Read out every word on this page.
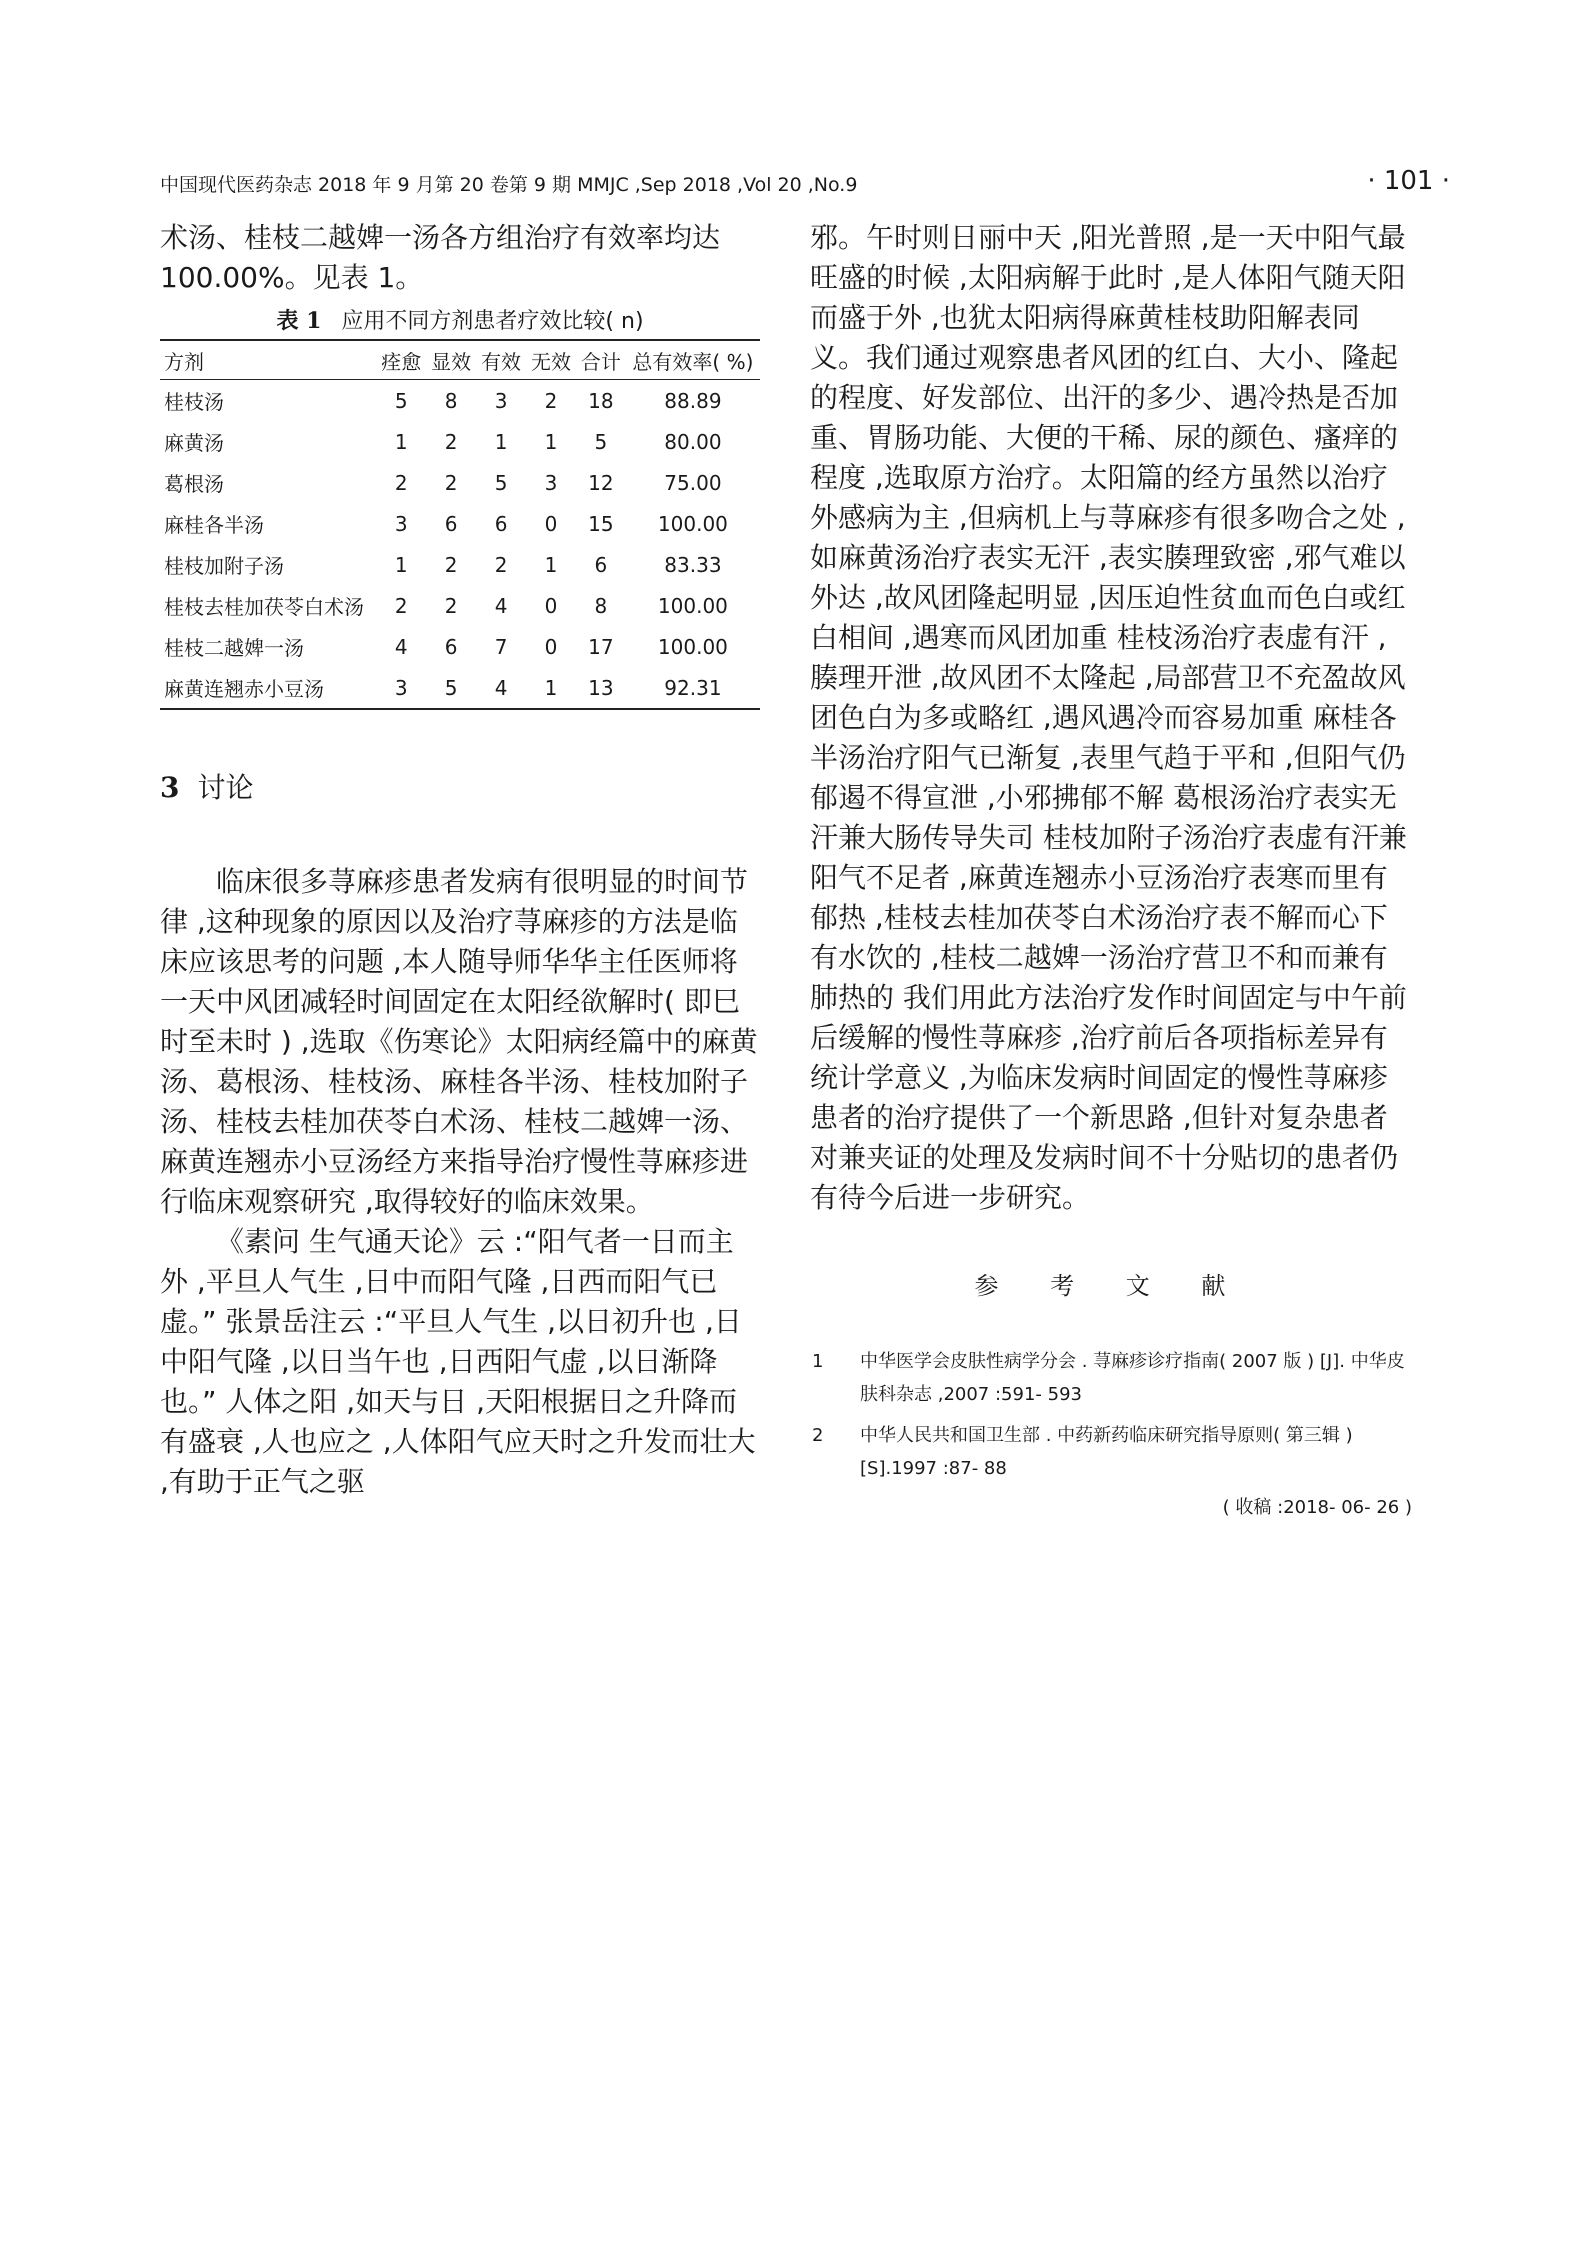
中国现代医药杂志 2018 年 9 月第 20 卷第 9 期 MMJC ,Sep 2018 ,Vol 20 ,No.9	· 101 ·

术汤、桂枝二越婢一汤各方组治疗有效率均达 100.00%。见表 1。

表 1 应用不同方剂患者疗效比较( n)
方剂	痊愈	显效	有效	无效	合计	总有效率( %)
桂枝汤	5	8	3	2	18	88.89
麻黄汤	1	2	1	1	5	80.00
葛根汤	2	2	5	3	12	75.00
麻桂各半汤	3	6	6	0	15	100.00
桂枝加附子汤	1	2	2	1	6	83.33
桂枝去桂加茯苓白术汤	2	2	4	0	8	100.00
桂枝二越婢一汤	4	6	7	0	17	100.00
麻黄连翘赤小豆汤	3	5	4	1	13	92.31
3 讨论

临床很多荨麻疹患者发病有很明显的时间节律 ,这种现象的原因以及治疗荨麻疹的方法是临床应该思考的问题 ,本人随导师华华主任医师将一天中风团减轻时间固定在太阳经欲解时( 即巳时至未时 ) ,选取《伤寒论》太阳病经篇中的麻黄汤、葛根汤、桂枝汤、麻桂各半汤、桂枝加附子汤、桂枝去桂加茯苓白术汤、桂枝二越婢一汤、麻黄连翘赤小豆汤经方来指导治疗慢性荨麻疹进行临床观察研究 ,取得较好的临床效果。

《素问 生气通天论》云 :“阳气者一日而主外 ,平旦人气生 ,日中而阳气隆 ,日西而阳气已虚。” 张景岳注云 :“平旦人气生 ,以日初升也 ,日中阳气隆 ,以日当午也 ,日西阳气虚 ,以日渐降也。” 人体之阳 ,如天与日 ,天阳根据日之升降而有盛衰 ,人也应之 ,人体阳气应天时之升发而壮大 ,有助于正气之驱

邪。午时则日丽中天 ,阳光普照 ,是一天中阳气最旺盛的时候 ,太阳病解于此时 ,是人体阳气随天阳而盛于外 ,也犹太阳病得麻黄桂枝助阳解表同义。我们通过观察患者风团的红白、大小、隆起的程度、好发部位、出汗的多少、遇冷热是否加重、胃肠功能、大便的干稀、尿的颜色、瘙痒的程度 ,选取原方治疗。太阳篇的经方虽然以治疗外感病为主 ,但病机上与荨麻疹有很多吻合之处 ,如麻黄汤治疗表实无汗 ,表实腠理致密 ,邪气难以外达 ,故风团隆起明显 ,因压迫性贫血而色白或红白相间 ,遇寒而风团加重 桂枝汤治疗表虚有汗 ,腠理开泄 ,故风团不太隆起 ,局部营卫不充盈故风团色白为多或略红 ,遇风遇冷而容易加重 麻桂各半汤治疗阳气已渐复 ,表里气趋于平和 ,但阳气仍郁遏不得宣泄 ,小邪拂郁不解 葛根汤治疗表实无汗兼大肠传导失司 桂枝加附子汤治疗表虚有汗兼阳气不足者 ,麻黄连翘赤小豆汤治疗表寒而里有郁热 ,桂枝去桂加茯苓白术汤治疗表不解而心下有水饮的 ,桂枝二越婢一汤治疗营卫不和而兼有肺热的 我们用此方法治疗发作时间固定与中午前后缓解的慢性荨麻疹 ,治疗前后各项指标差异有统计学意义 ,为临床发病时间固定的慢性荨麻疹患者的治疗提供了一个新思路 ,但针对复杂患者对兼夹证的处理及发病时间不十分贴切的患者仍有待今后进一步研究。

参 考 文 献
1	中华医学会皮肤性病学分会 . 荨麻疹诊疗指南( 2007 版 ) [J]. 中华皮肤科杂志 ,2007 :591- 593
2	中华人民共和国卫生部 . 中药新药临床研究指导原则( 第三辑 ) [S].1997 :87- 88
( 收稿 :2018- 06- 26 )
